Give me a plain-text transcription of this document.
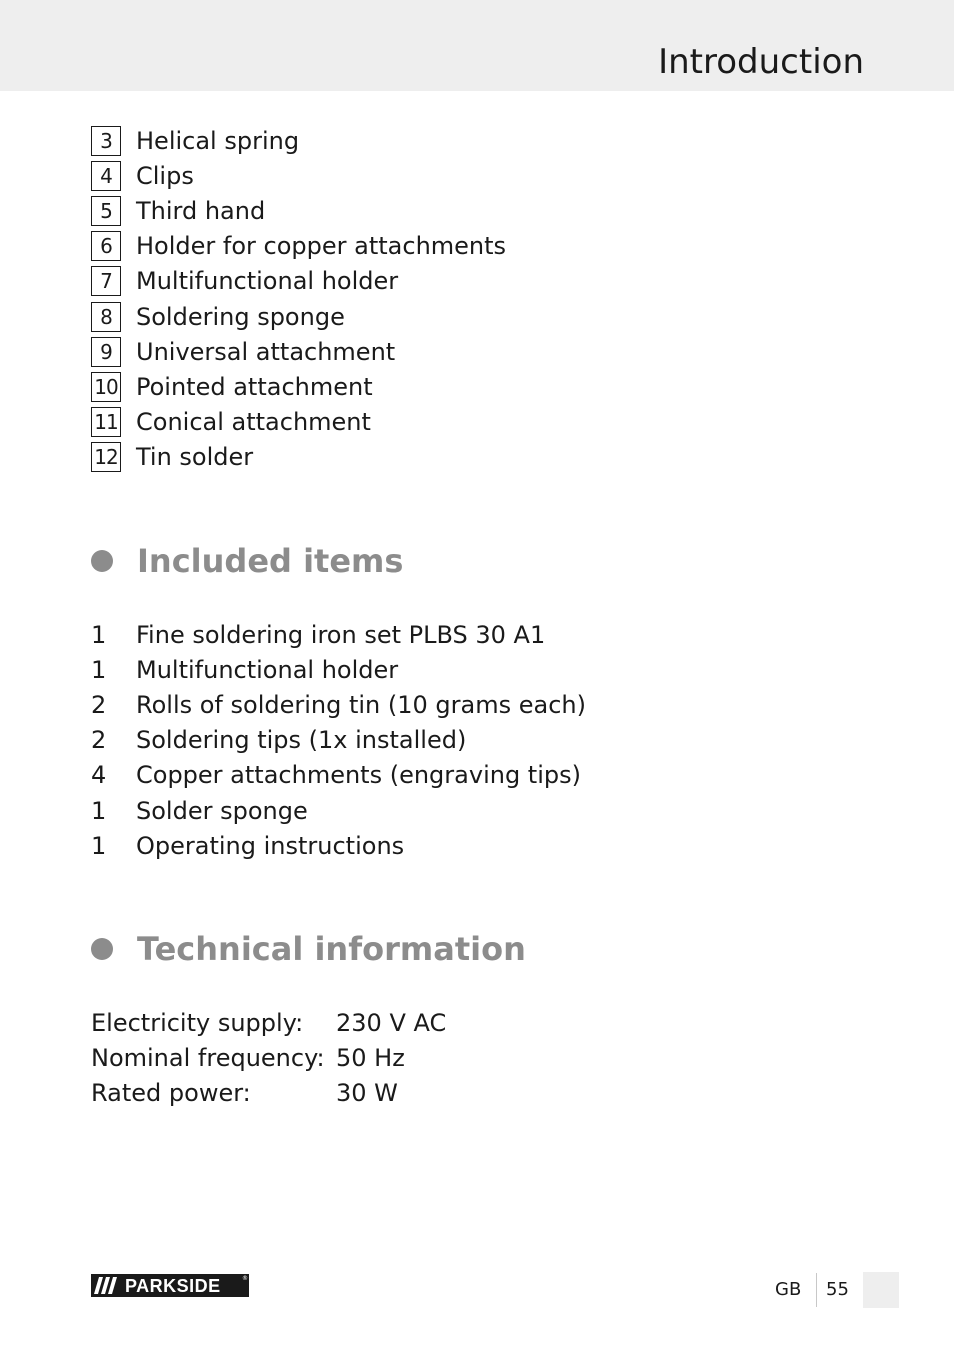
Introduction
3	Helical spring
4	Clips
5	Third hand
6	Holder for copper attachments
7	Multifunctional holder
8	Soldering sponge
9	Universal attachment
10 Pointed attachment
11 Conical attachment
12 Tin solder
Included items
1	Fine soldering iron set PLBS 30 A1
1	Multifunctional holder
2	Rolls of soldering tin (10 grams each)
2	Soldering tips (1x installed)
4	Copper attachments (engraving tips)
1	Solder sponge
1	Operating instructions
Technical information
Electricity supply:	230 V AC
Nominal frequency: 50 Hz
Rated power:	30 W
PARKSIDE	®
GB 55
